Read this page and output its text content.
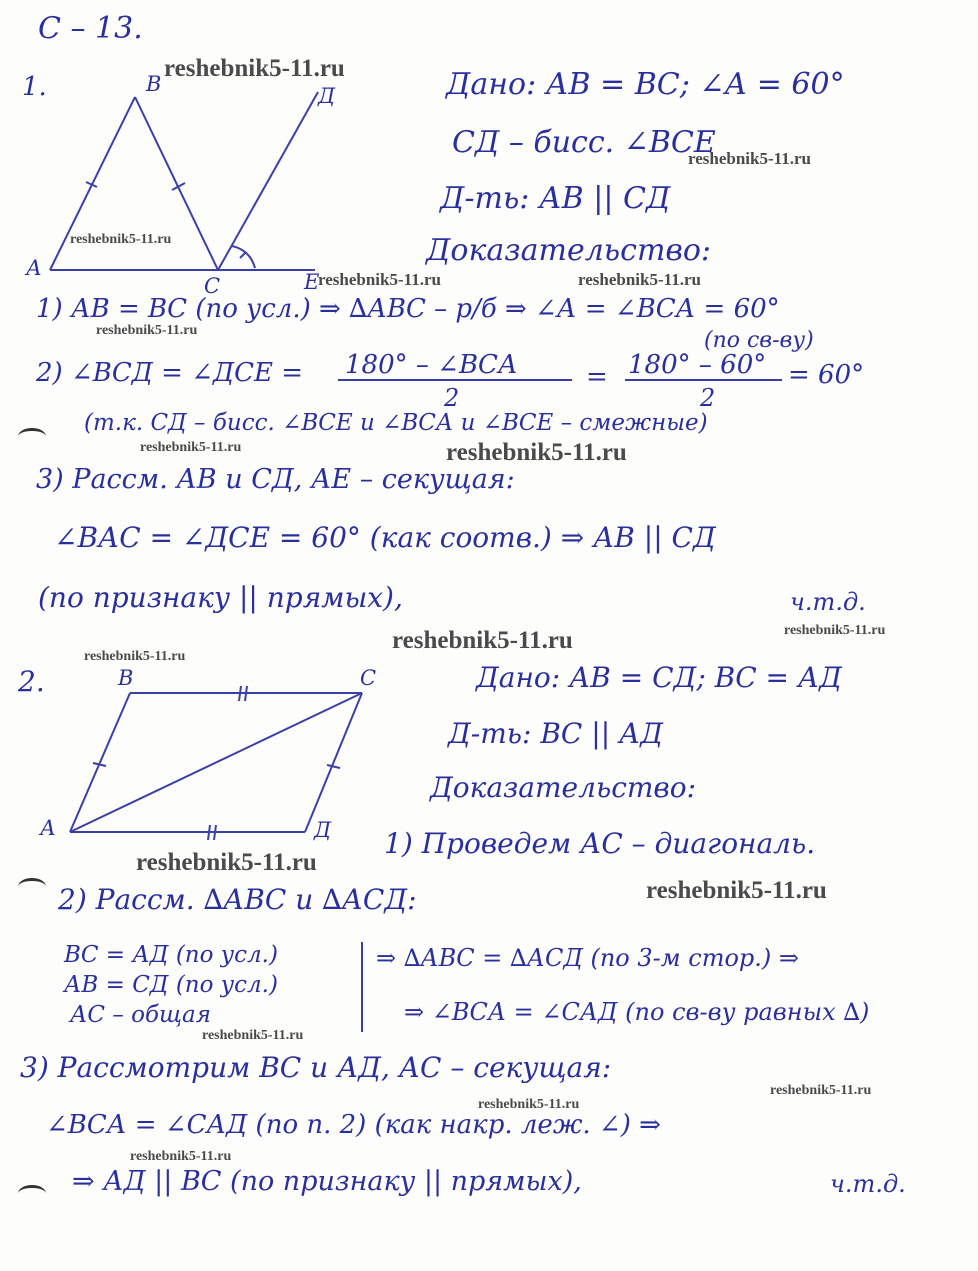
С – 13.
1.
А
В
С
Д
Е
Дано: АВ = ВС; ∠А = 60°
СД – бисс. ∠ВСЕ
Д-ть: АВ || СД
Доказательство:
1) АВ = ВС (по усл.) ⇒ ∆АВС – р/б ⇒ ∠А = ∠ВСА = 60°
(по св-ву)
2) ∠ВСД = ∠ДСЕ = 180° – ∠ВСА
2
= 180° – 60°
2
= 60°
(т.к. СД – бисс. ∠ВСЕ и ∠ВСА и ∠ВСЕ – смежные)
3) Рассм. АВ и СД, АЕ – секущая:
∠ВАС = ∠ДСЕ = 60° (как соотв.) ⇒ АВ || СД
(по признаку || прямых),	ч.т.д.
2.
А
В	С
Д
Дано: АВ = СД; ВС = АД
Д-ть: ВС || АД
Доказательство:
1) Проведем АС – диагональ.
2) Рассм. ∆АВС и ∆АСД:
ВС = АД (по усл.)
АВ = СД (по усл.)
АС – общая
⇒ ∆АВС = ∆АСД (по 3-м стор.) ⇒
⇒ ∠ВСА = ∠САД (по св-ву равных ∆)
3) Рассмотрим ВС и АД, АС – секущая:
∠ВСА = ∠САД (по п. 2) (как накр. леж. ∠) ⇒
⇒ АД || ВС (по признаку || прямых),	ч.т.д.
reshebnik5-11.ru
reshebnik5-11.ru
reshebnik5-11.ru
reshebnik5-11.ru	reshebnik5-11.ru
reshebnik5-11.ru
reshebnik5-11.ru	reshebnik5-11.ru
reshebnik5-11.ru	reshebnik5-11.ru
reshebnik5-11.ru
reshebnik5-11.ru
reshebnik5-11.ru
reshebnik5-11.ru
reshebnik5-11.ru
reshebnik5-11.ru
reshebnik5-11.ru
